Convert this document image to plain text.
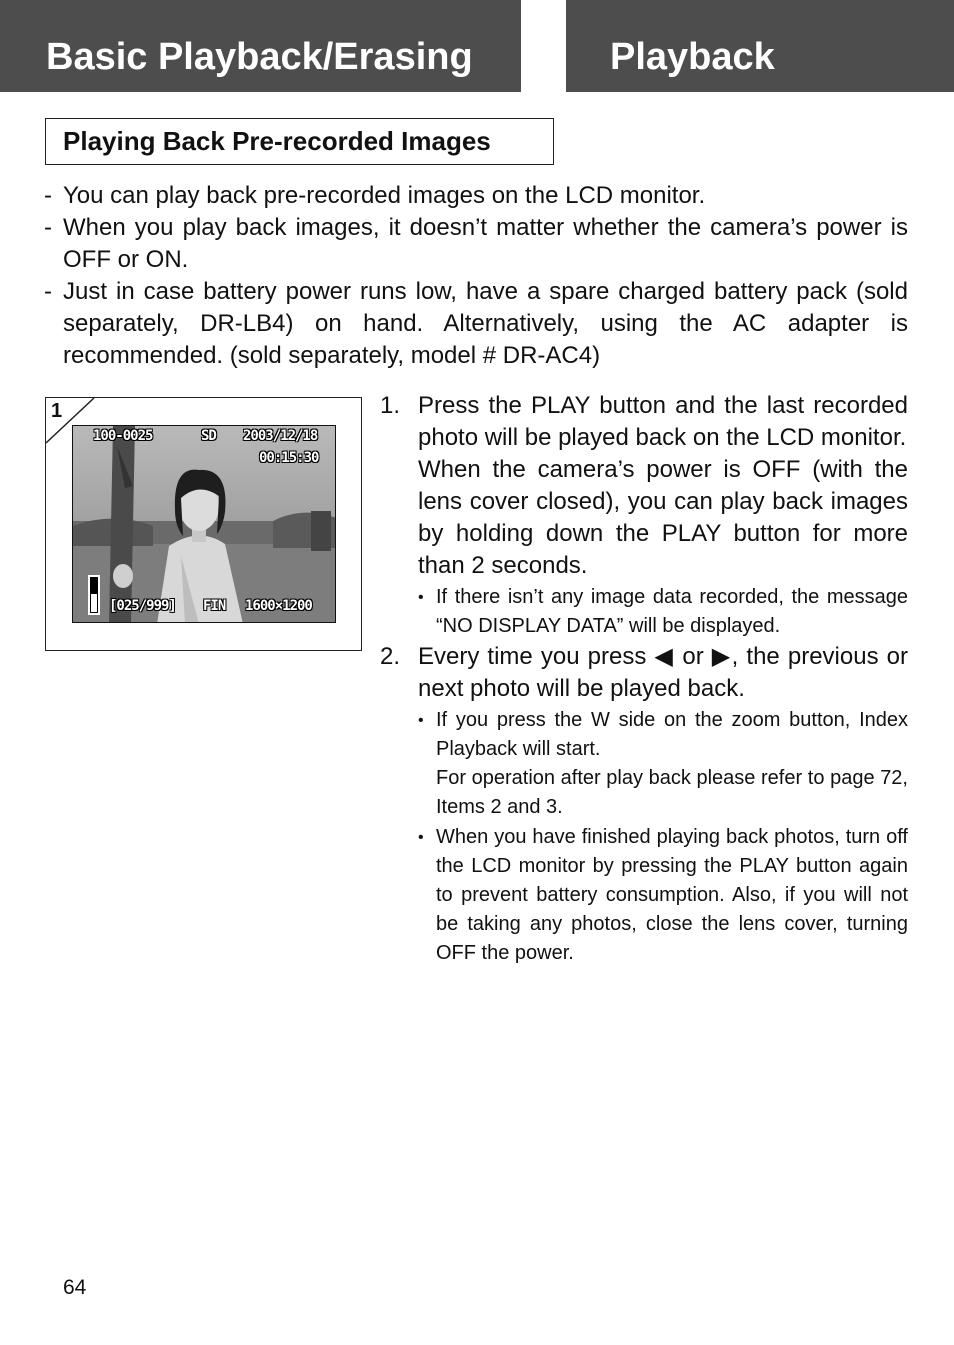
Basic Playback/Erasing	Playback
Playing Back Pre-recorded Images
- You can play back pre-recorded images on the LCD monitor.
- When you play back images, it doesn’t matter whether the camera’s power is OFF or ON.
- Just in case battery power runs low, have a spare charged battery pack (sold separately, DR-LB4) on hand. Alternatively, using the AC adapter is recommended. (sold separately, model # DR-AC4)
1
100-0025	SD 2003/12/18
00:15:30
[025/999] FIN 1600×1200
1. Press the PLAY button and the last recorded photo will be played back on the LCD monitor.
When the camera’s power is OFF (with the lens cover closed), you can play back images by holding down the PLAY button for more than 2 seconds.
• If there isn’t any image data recorded, the message “NO DISPLAY DATA” will be displayed.
2. Every time you press ◀ or ▶, the previous or next photo will be played back.
• If you press the W side on the zoom button, Index Playback will start.
For operation after play back please refer to page 72, Items 2 and 3.
• When you have finished playing back photos, turn off the LCD monitor by pressing the PLAY button again to prevent battery consumption. Also, if you will not be taking any photos, close the lens cover, turning OFF the power.
64
